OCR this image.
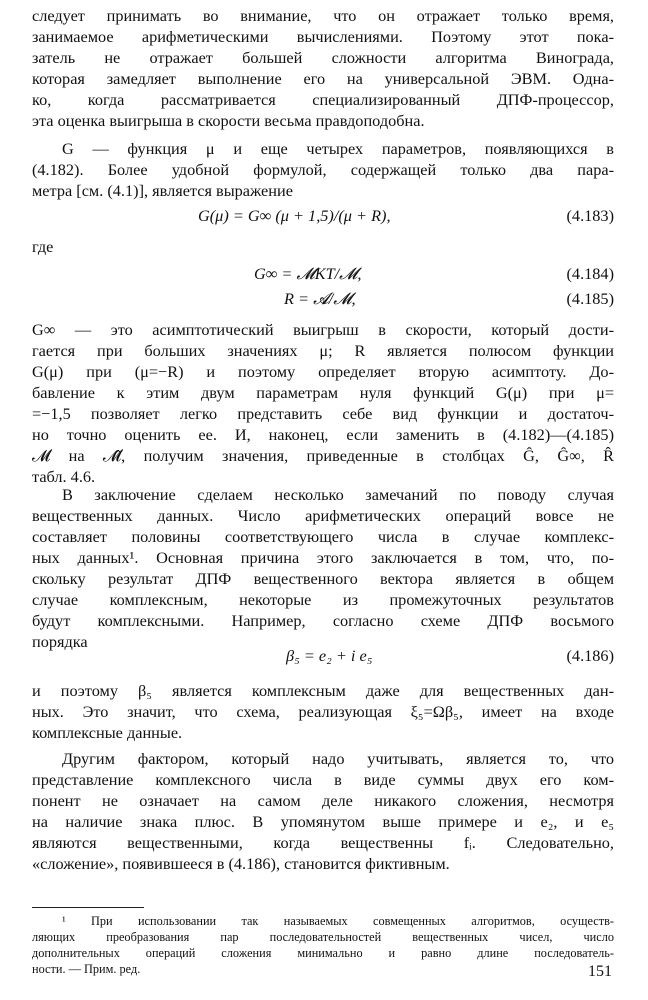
следует принимать во внимание, что он отражает только время,
занимаемое арифметическими вычислениями. Поэтому этот пока-
затель не отражает большей сложности алгоритма Винограда,
которая замедляет выполнение его на универсальной ЭВМ. Одна-
ко, когда рассматривается специализированный ДПФ-процессор,
эта оценка выигрыша в скорости весьма правдоподобна.
G — функция μ и еще четырех параметров, появляющихся в
(4.182). Более удобной формулой, содержащей только два пара-
метра [см. (4.1)], является выражение
G(μ) = G∞ (μ + 1,5)/(μ + R),	(4.183)
где
G∞ = 𝓜KT/𝓜,	(4.184)
R = 𝓐/𝓜,	(4.185)
G∞ — это асимптотический выигрыш в скорости, который дости-
гается при больших значениях μ; R является полюсом функции
G(μ) при (μ=−R) и поэтому определяет вторую асимптоту. До-
бавление к этим двум параметрам нуля функций G(μ) при μ=
=−1,5 позволяет легко представить себе вид функции и достаточ-
но точно оценить ее. И, наконец, если заменить в (4.182)—(4.185)
𝓜 на 𝓜̂, получим значения, приведенные в столбцах Ĝ, Ĝ∞, R̂
табл. 4.6.
В заключение сделаем несколько замечаний по поводу случая
вещественных данных. Число арифметических операций вовсе не
составляет половины соответствующего числа в случае комплекс-
ных данных¹. Основная причина этого заключается в том, что, по-
скольку результат ДПФ вещественного вектора является в общем
случае комплексным, некоторые из промежуточных результатов
будут комплексными. Например, согласно схеме ДПФ восьмого
порядка
β₅ = e₂ + i e₅	(4.186)
и поэтому β₅ является комплексным даже для вещественных дан-
ных. Это значит, что схема, реализующая ξ₅=Ωβ₅, имеет на входе
комплексные данные.
Другим фактором, который надо учитывать, является то, что
представление комплексного числа в виде суммы двух его ком-
понент не означает на самом деле никакого сложения, несмотря
на наличие знака плюс. В упомянутом выше примере и e₂, и e₅
являются вещественными, когда вещественны fᵢ. Следовательно,
«сложение», появившееся в (4.186), становится фиктивным.
¹ При использовании так называемых совмещенных алгоритмов, осуществ-
ляющих преобразования пар последовательностей вещественных чисел, число
дополнительных операций сложения минимально и равно длине последователь-
ности. — Прим. ред.	151
